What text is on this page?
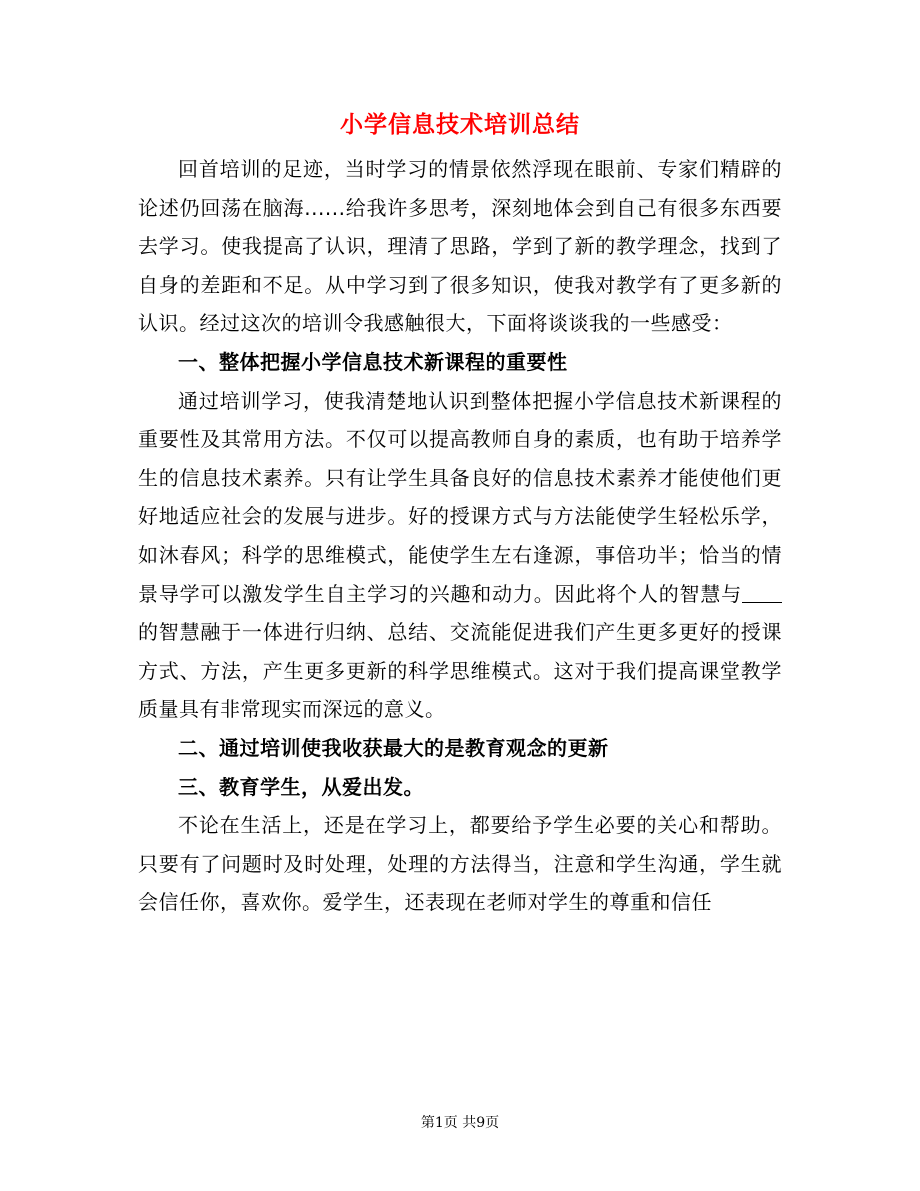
小学信息技术培训总结

回首培训的足迹，当时学习的情景依然浮现在眼前、专家们精辟的论述仍回荡在脑海......给我许多思考，深刻地体会到自己有很多东西要去学习。使我提高了认识，理清了思路，学到了新的教学理念，找到了自身的差距和不足。从中学习到了很多知识，使我对教学有了更多新的认识。经过这次的培训令我感触很大，下面将谈谈我的一些感受：

一、整体把握小学信息技术新课程的重要性

通过培训学习，使我清楚地认识到整体把握小学信息技术新课程的重要性及其常用方法。不仅可以提高教师自身的素质，也有助于培养学生的信息技术素养。只有让学生具备良好的信息技术素养才能使他们更好地适应社会的发展与进步。好的授课方式与方法能使学生轻松乐学，如沐春风；科学的思维模式，能使学生左右逢源，事倍功半；恰当的情景导学可以激发学生自主学习的兴趣和动力。因此将个人的智慧与的智慧融于一体进行归纳、总结、交流能促进我们产生更多更好的授课方式、方法，产生更多更新的科学思维模式。这对于我们提高课堂教学质量具有非常现实而深远的意义。

二、通过培训使我收获最大的是教育观念的更新

三、教育学生，从爱出发。

不论在生活上，还是在学习上，都要给予学生必要的关心和帮助。只要有了问题时及时处理，处理的方法得当，注意和学生沟通，学生就会信任你，喜欢你。爱学生，还表现在老师对学生的尊重和信任

第1页 共9页
